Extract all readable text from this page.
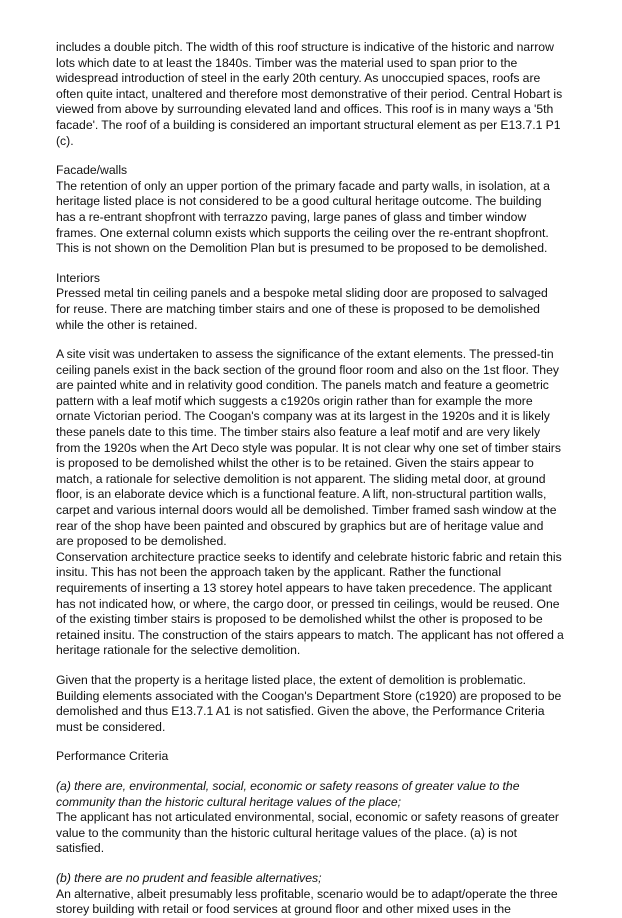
includes a double pitch. The width of this roof structure is indicative of the historic and narrow lots which date to at least the 1840s. Timber was the material used to span prior to the widespread introduction of steel in the early 20th century. As unoccupied spaces, roofs are often quite intact, unaltered and therefore most demonstrative of their period. Central Hobart is viewed from above by surrounding elevated land and offices. This roof is in many ways a '5th facade'. The roof of a building is considered an important structural element as per E13.7.1 P1 (c).

Facade/walls

The retention of only an upper portion of the primary facade and party walls, in isolation, at a heritage listed place is not considered to be a good cultural heritage outcome. The building has a re-entrant shopfront with terrazzo paving, large panes of glass and timber window frames. One external column exists which supports the ceiling over the re-entrant shopfront. This is not shown on the Demolition Plan but is presumed to be proposed to be demolished.

Interiors

Pressed metal tin ceiling panels and a bespoke metal sliding door are proposed to salvaged for reuse. There are matching timber stairs and one of these is proposed to be demolished while the other is retained.

A site visit was undertaken to assess the significance of the extant elements. The pressed-tin ceiling panels exist in the back section of the ground floor room and also on the 1st floor. They are painted white and in relativity good condition. The panels match and feature a geometric pattern with a leaf motif which suggests a c1920s origin rather than for example the more ornate Victorian period. The Coogan's company was at its largest in the 1920s and it is likely these panels date to this time. The timber stairs also feature a leaf motif and are very likely from the 1920s when the Art Deco style was popular. It is not clear why one set of timber stairs is proposed to be demolished whilst the other is to be retained. Given the stairs appear to match, a rationale for selective demolition is not apparent. The sliding metal door, at ground floor, is an elaborate device which is a functional feature. A lift, non-structural partition walls, carpet and various internal doors would all be demolished. Timber framed sash window at the rear of the shop have been painted and obscured by graphics but are of heritage value and are proposed to be demolished.

Conservation architecture practice seeks to identify and celebrate historic fabric and retain this insitu. This has not been the approach taken by the applicant. Rather the functional requirements of inserting a 13 storey hotel appears to have taken precedence. The applicant has not indicated how, or where, the cargo door, or pressed tin ceilings, would be reused. One of the existing timber stairs is proposed to be demolished whilst the other is proposed to be retained insitu. The construction of the stairs appears to match. The applicant has not offered a heritage rationale for the selective demolition.

Given that the property is a heritage listed place, the extent of demolition is problematic. Building elements associated with the Coogan's Department Store (c1920) are proposed to be demolished and thus E13.7.1 A1 is not satisfied. Given the above, the Performance Criteria must be considered.

Performance Criteria

(a) there are, environmental, social, economic or safety reasons of greater value to the community than the historic cultural heritage values of the place;

The applicant has not articulated environmental, social, economic or safety reasons of greater value to the community than the historic cultural heritage values of the place. (a) is not satisfied.

(b) there are no prudent and feasible alternatives;

An alternative, albeit presumably less profitable, scenario would be to adapt/operate the three storey building with retail or food services at ground floor and other mixed uses in the
